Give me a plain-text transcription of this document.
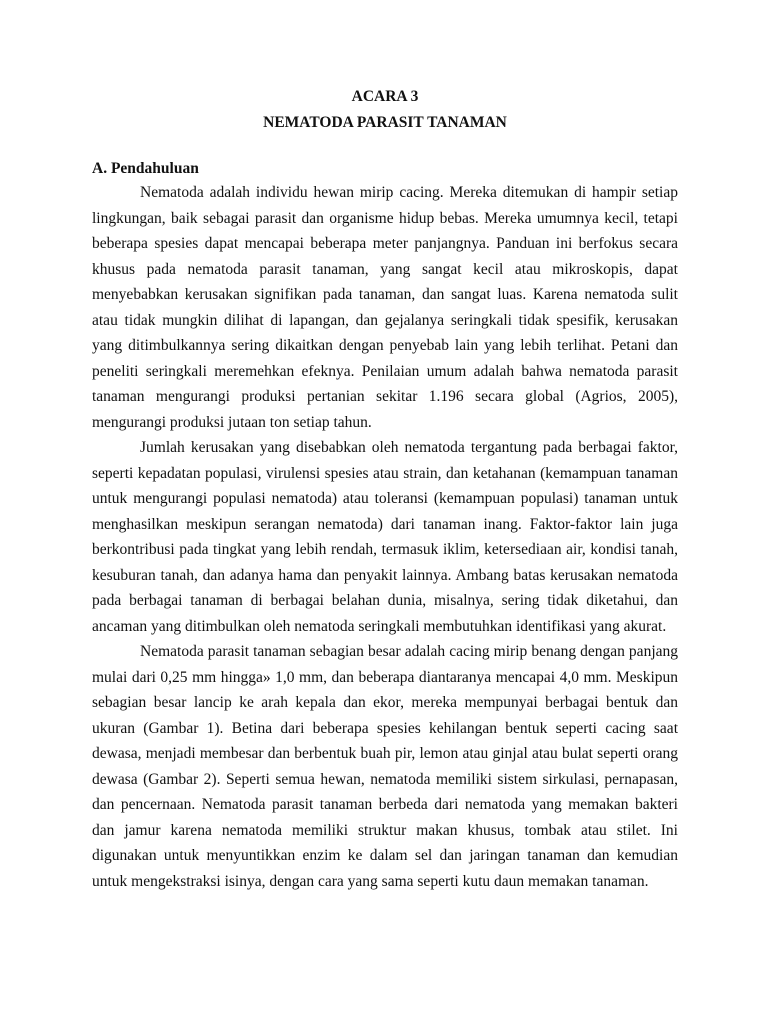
ACARA 3

NEMATODA PARASIT TANAMAN

A. Pendahuluan

Nematoda adalah individu hewan mirip cacing. Mereka ditemukan di hampir setiap lingkungan, baik sebagai parasit dan organisme hidup bebas. Mereka umumnya kecil, tetapi beberapa spesies dapat mencapai beberapa meter panjangnya. Panduan ini berfokus secara khusus pada nematoda parasit tanaman, yang sangat kecil atau mikroskopis, dapat menyebabkan kerusakan signifikan pada tanaman, dan sangat luas. Karena nematoda sulit atau tidak mungkin dilihat di lapangan, dan gejalanya seringkali tidak spesifik, kerusakan yang ditimbulkannya sering dikaitkan dengan penyebab lain yang lebih terlihat. Petani dan peneliti seringkali meremehkan efeknya. Penilaian umum adalah bahwa nematoda parasit tanaman mengurangi produksi pertanian sekitar 1.196 secara global (Agrios, 2005), mengurangi produksi jutaan ton setiap tahun.

Jumlah kerusakan yang disebabkan oleh nematoda tergantung pada berbagai faktor, seperti kepadatan populasi, virulensi spesies atau strain, dan ketahanan (kemampuan tanaman untuk mengurangi populasi nematoda) atau toleransi (kemampuan populasi) tanaman untuk menghasilkan meskipun serangan nematoda) dari tanaman inang. Faktor-faktor lain juga berkontribusi pada tingkat yang lebih rendah, termasuk iklim, ketersediaan air, kondisi tanah, kesuburan tanah, dan adanya hama dan penyakit lainnya. Ambang batas kerusakan nematoda pada berbagai tanaman di berbagai belahan dunia, misalnya, sering tidak diketahui, dan ancaman yang ditimbulkan oleh nematoda seringkali membutuhkan identifikasi yang akurat.

Nematoda parasit tanaman sebagian besar adalah cacing mirip benang dengan panjang mulai dari 0,25 mm hingga» 1,0 mm, dan beberapa diantaranya mencapai 4,0 mm. Meskipun sebagian besar lancip ke arah kepala dan ekor, mereka mempunyai berbagai bentuk dan ukuran (Gambar 1). Betina dari beberapa spesies kehilangan bentuk seperti cacing saat dewasa, menjadi membesar dan berbentuk buah pir, lemon atau ginjal atau bulat seperti orang dewasa (Gambar 2). Seperti semua hewan, nematoda memiliki sistem sirkulasi, pernapasan, dan pencernaan. Nematoda parasit tanaman berbeda dari nematoda yang memakan bakteri dan jamur karena nematoda memiliki struktur makan khusus, tombak atau stilet. Ini digunakan untuk menyuntikkan enzim ke dalam sel dan jaringan tanaman dan kemudian untuk mengekstraksi isinya, dengan cara yang sama seperti kutu daun memakan tanaman.
